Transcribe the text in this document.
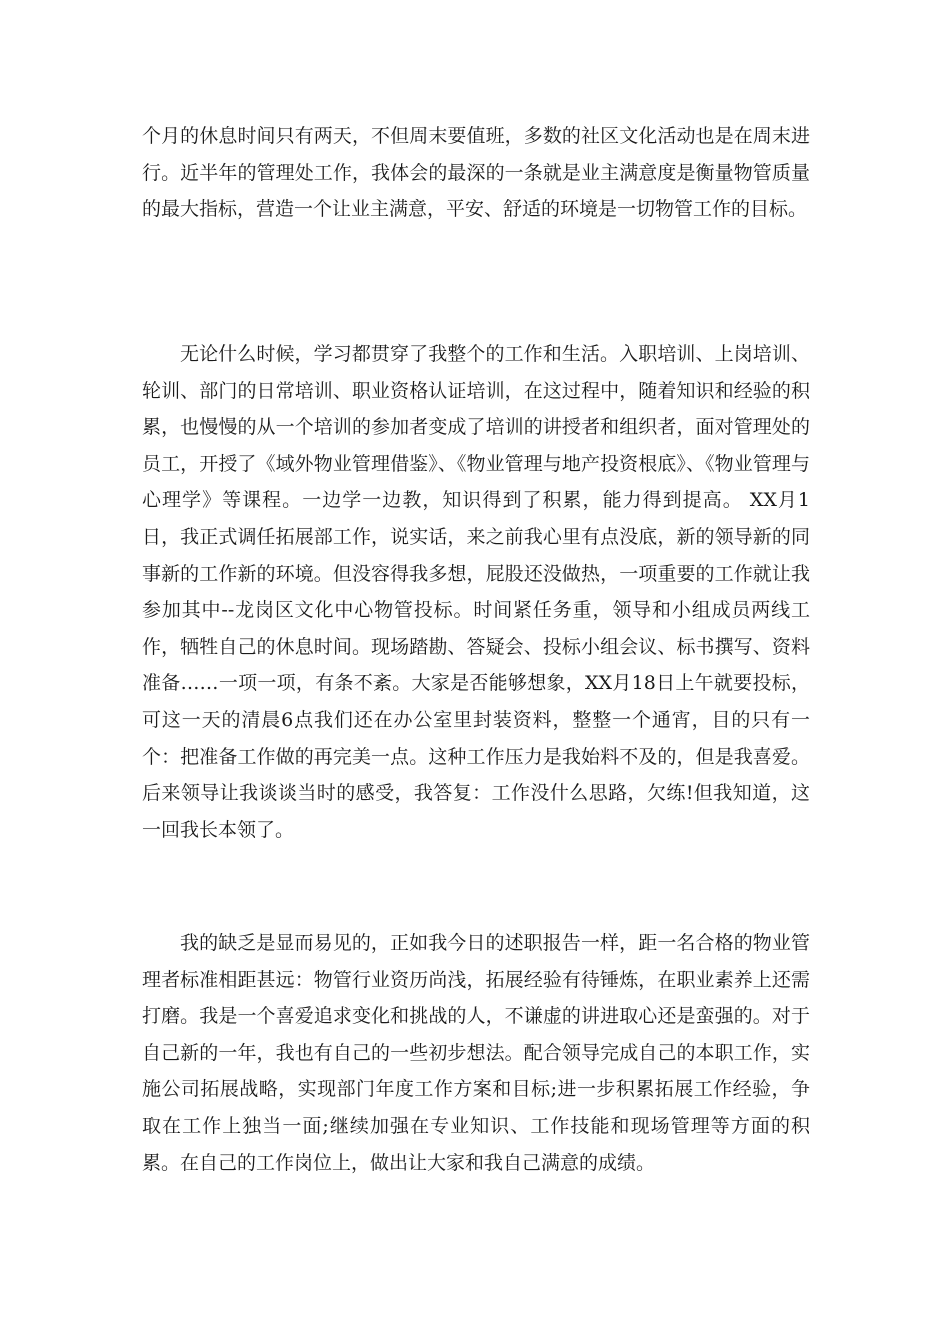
个月的休息时间只有两天，不但周末要值班，多数的社区文化活动也是在周末进行。近半年的管理处工作，我体会的最深的一条就是业主满意度是衡量物管质量的最大指标，营造一个让业主满意，平安、舒适的环境是一切物管工作的目标。

无论什么时候，学习都贯穿了我整个的工作和生活。入职培训、上岗培训、轮训、部门的日常培训、职业资格认证培训，在这过程中，随着知识和经验的积累，也慢慢的从一个培训的参加者变成了培训的讲授者和组织者，面对管理处的员工，开授了《域外物业管理借鉴》、《物业管理与地产投资根底》、《物业管理与心理学》等课程。一边学一边教，知识得到了积累，能力得到提高。 XX月1日，我正式调任拓展部工作，说实话，来之前我心里有点没底，新的领导新的同事新的工作新的环境。但没容得我多想，屁股还没做热，一项重要的工作就让我参加其中--龙岗区文化中心物管投标。时间紧任务重，领导和小组成员两线工作，牺牲自己的休息时间。现场踏勘、答疑会、投标小组会议、标书撰写、资料准备……一项一项，有条不紊。大家是否能够想象，XX月18日上午就要投标，可这一天的清晨6点我们还在办公室里封装资料，整整一个通宵，目的只有一个：把准备工作做的再完美一点。这种工作压力是我始料不及的，但是我喜爱。后来领导让我谈谈当时的感受，我答复：工作没什么思路，欠练!但我知道，这一回我长本领了。

我的缺乏是显而易见的，正如我今日的述职报告一样，距一名合格的物业管理者标准相距甚远：物管行业资历尚浅，拓展经验有待锤炼，在职业素养上还需打磨。我是一个喜爱追求变化和挑战的人，不谦虚的讲进取心还是蛮强的。对于自己新的一年，我也有自己的一些初步想法。配合领导完成自己的本职工作，实施公司拓展战略，实现部门年度工作方案和目标;进一步积累拓展工作经验，争取在工作上独当一面;继续加强在专业知识、工作技能和现场管理等方面的积累。在自己的工作岗位上，做出让大家和我自己满意的成绩。
